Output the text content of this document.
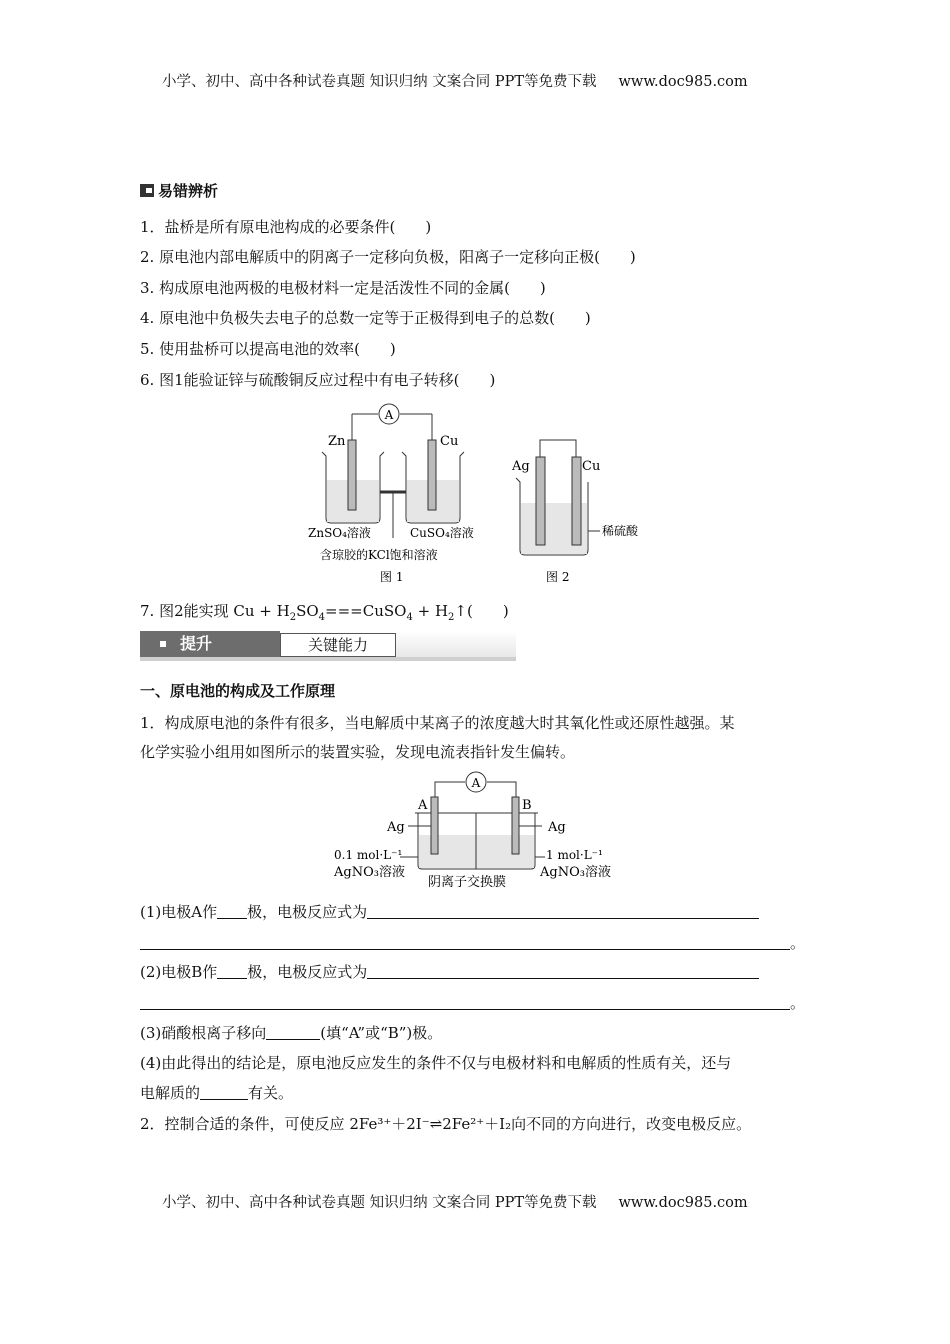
小学、初中、高中各种试卷真题 知识归纳 文案合同 PPT等免费下载 www.doc985.com
易错辨析
1．盐桥是所有原电池构成的必要条件(　　)
2. 原电池内部电解质中的阴离子一定移向负极，阳离子一定移向正极(　　)
3. 构成原电池两极的电极材料一定是活泼性不同的金属(　　)
4. 原电池中负极失去电子的总数一定等于正极得到电子的总数(　　)
5. 使用盐桥可以提高电池的效率(　　)
6. 图1能验证锌与硫酸铜反应过程中有电子转移(　　)
A
Zn	Cu
ZnSO₄溶液	CuSO₄溶液
含琼胶的KCl饱和溶液
图 1
Ag	Cu
稀硫酸
图 2
7. 图2能实现 $Cu + H_2SO_4===CuSO_4$ + $H_2↑$(　　)
提升	关键能力
一、原电池的构成及工作原理
1．构成原电池的条件有很多，当电解质中某离子的浓度越大时其氧化性或还原性越强。某
化学实验小组用如图所示的装置实验，发现电流表指针发生偏转。
A
A	B
Ag	Ag
0.1 mol·L⁻¹
AgNO₃溶液
1 mol·L⁻¹
AgNO₃溶液
阴离子交换膜
(1)电极A作 极，电极反应式为
。
(2)电极B作 极，电极反应式为
。
(3)硝酸根离子移向	(填“A”或“B”)极。
(4)由此得出的结论是，原电池反应发生的条件不仅与电极材料和电解质的性质有关，还与
电解质的	有关。
2．控制合适的条件，可使反应 2Fe³⁺＋2I⁻⇌2Fe²⁺＋I₂向不同的方向进行，改变电极反应。
小学、初中、高中各种试卷真题 知识归纳 文案合同 PPT等免费下载 www.doc985.com
